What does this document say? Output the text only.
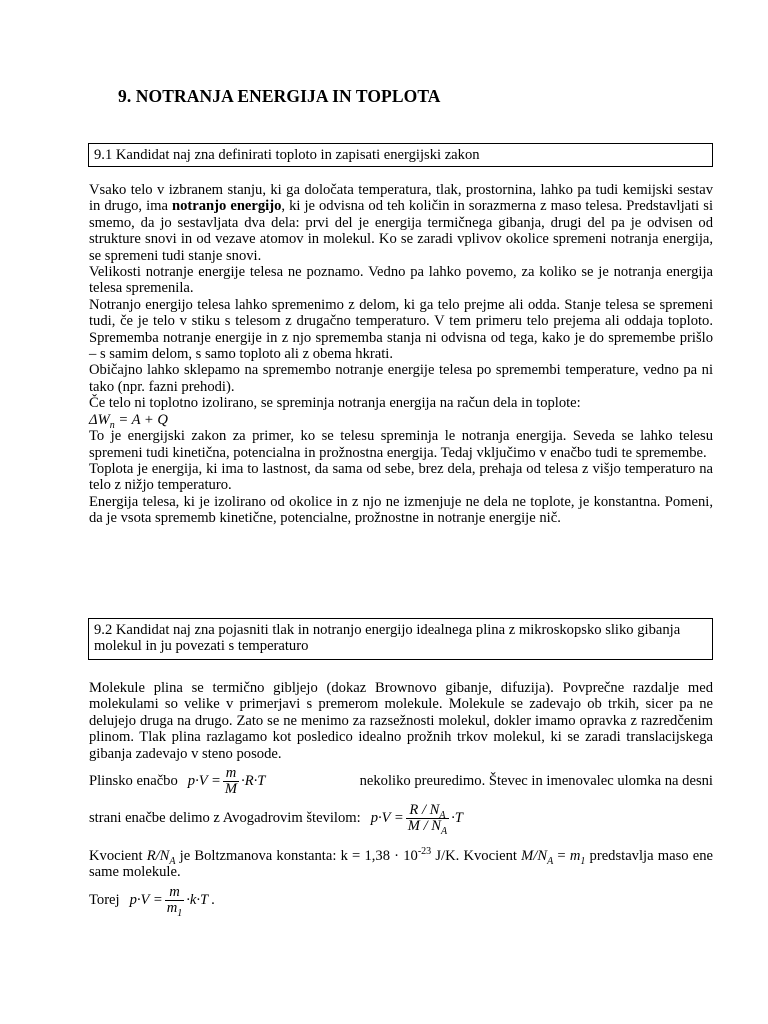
9. NOTRANJA ENERGIJA IN TOPLOTA
9.1 Kandidat naj zna definirati toploto in zapisati energijski zakon

Vsako telo v izbranem stanju, ki ga določata temperatura, tlak, prostornina, lahko pa tudi kemijski sestav in drugo, ima notranjo energijo, ki je odvisna od teh količin in sorazmerna z maso telesa. Predstavljati si smemo, da jo sestavljata dva dela: prvi del je energija termičnega gibanja, drugi del pa je odvisen od strukture snovi in od vezave atomov in molekul. Ko se zaradi vplivov okolice spremeni notranja energija, se spremeni tudi stanje snovi.

Velikosti notranje energije telesa ne poznamo. Vedno pa lahko povemo, za koliko se je notranja energija telesa spremenila.

Notranjo energijo telesa lahko spremenimo z delom, ki ga telo prejme ali odda. Stanje telesa se spremeni tudi, če je telo v stiku s telesom z drugačno temperaturo. V tem primeru telo prejema ali oddaja toploto. Sprememba notranje energije in z njo sprememba stanja ni odvisna od tega, kako je do spremembe prišlo – s samim delom, s samo toploto ali z obema hkrati.

Običajno lahko sklepamo na spremembo notranje energije telesa po spremembi temperature, vedno pa ni tako (npr. fazni prehodi).

Če telo ni toplotno izolirano, se spreminja notranja energija na račun dela in toplote:

$\Delta W_n = A + Q$

To je energijski zakon za primer, ko se telesu spreminja le notranja energija. Seveda se lahko telesu spremeni tudi kinetična, potencialna in prožnostna energija. Tedaj vključimo v enačbo tudi te spremembe.

Toplota je energija, ki ima to lastnost, da sama od sebe, brez dela, prehaja od telesa z višjo temperaturo na telo z nižjo temperaturo.

Energija telesa, ki je izolirano od okolice in z njo ne izmenjuje ne dela ne toplote, je konstantna. Pomeni, da je vsota sprememb kinetične, potencialne, prožnostne in notranje energije nič.

9.2 Kandidat naj zna pojasniti tlak in notranjo energijo idealnega plina z mikroskopsko sliko gibanja molekul in ju povezati s temperaturo

Molekule plina se termično gibljejo (dokaz Brownovo gibanje, difuzija). Povprečne razdalje med molekulami so velike v primerjavi s premerom molekule. Molekule se zadevajo ob trkih, sicer pa ne delujejo druga na drugo. Zato se ne menimo za razsežnosti molekul, dokler imamo opravka z razredčenim plinom. Tlak plina razlagamo kot posledico idealno prožnih trkov molekul, ki se zaradi translacijskega gibanja zadevajo v steno posode.

Plinsko enačbo $p\cdot V = \frac{m}{M} \cdot R\cdot T$	nekoliko preuredimo. Števec in imenovalec ulomka na desni
strani enačbe delimo z Avogadrovim številom: $p\cdot V = \frac{R / N_A}{M / N_A} \cdot T$

Kvocient $R/N_A$ je Boltzmanova konstanta: $k = 1,38 \cdot 10^{-23}$ J/K. Kvocient $M/N_A = m_1$ predstavlja maso ene same molekule.

Torej $p\cdot V = \frac{m}{m_1} \cdot k\cdot T$ .
